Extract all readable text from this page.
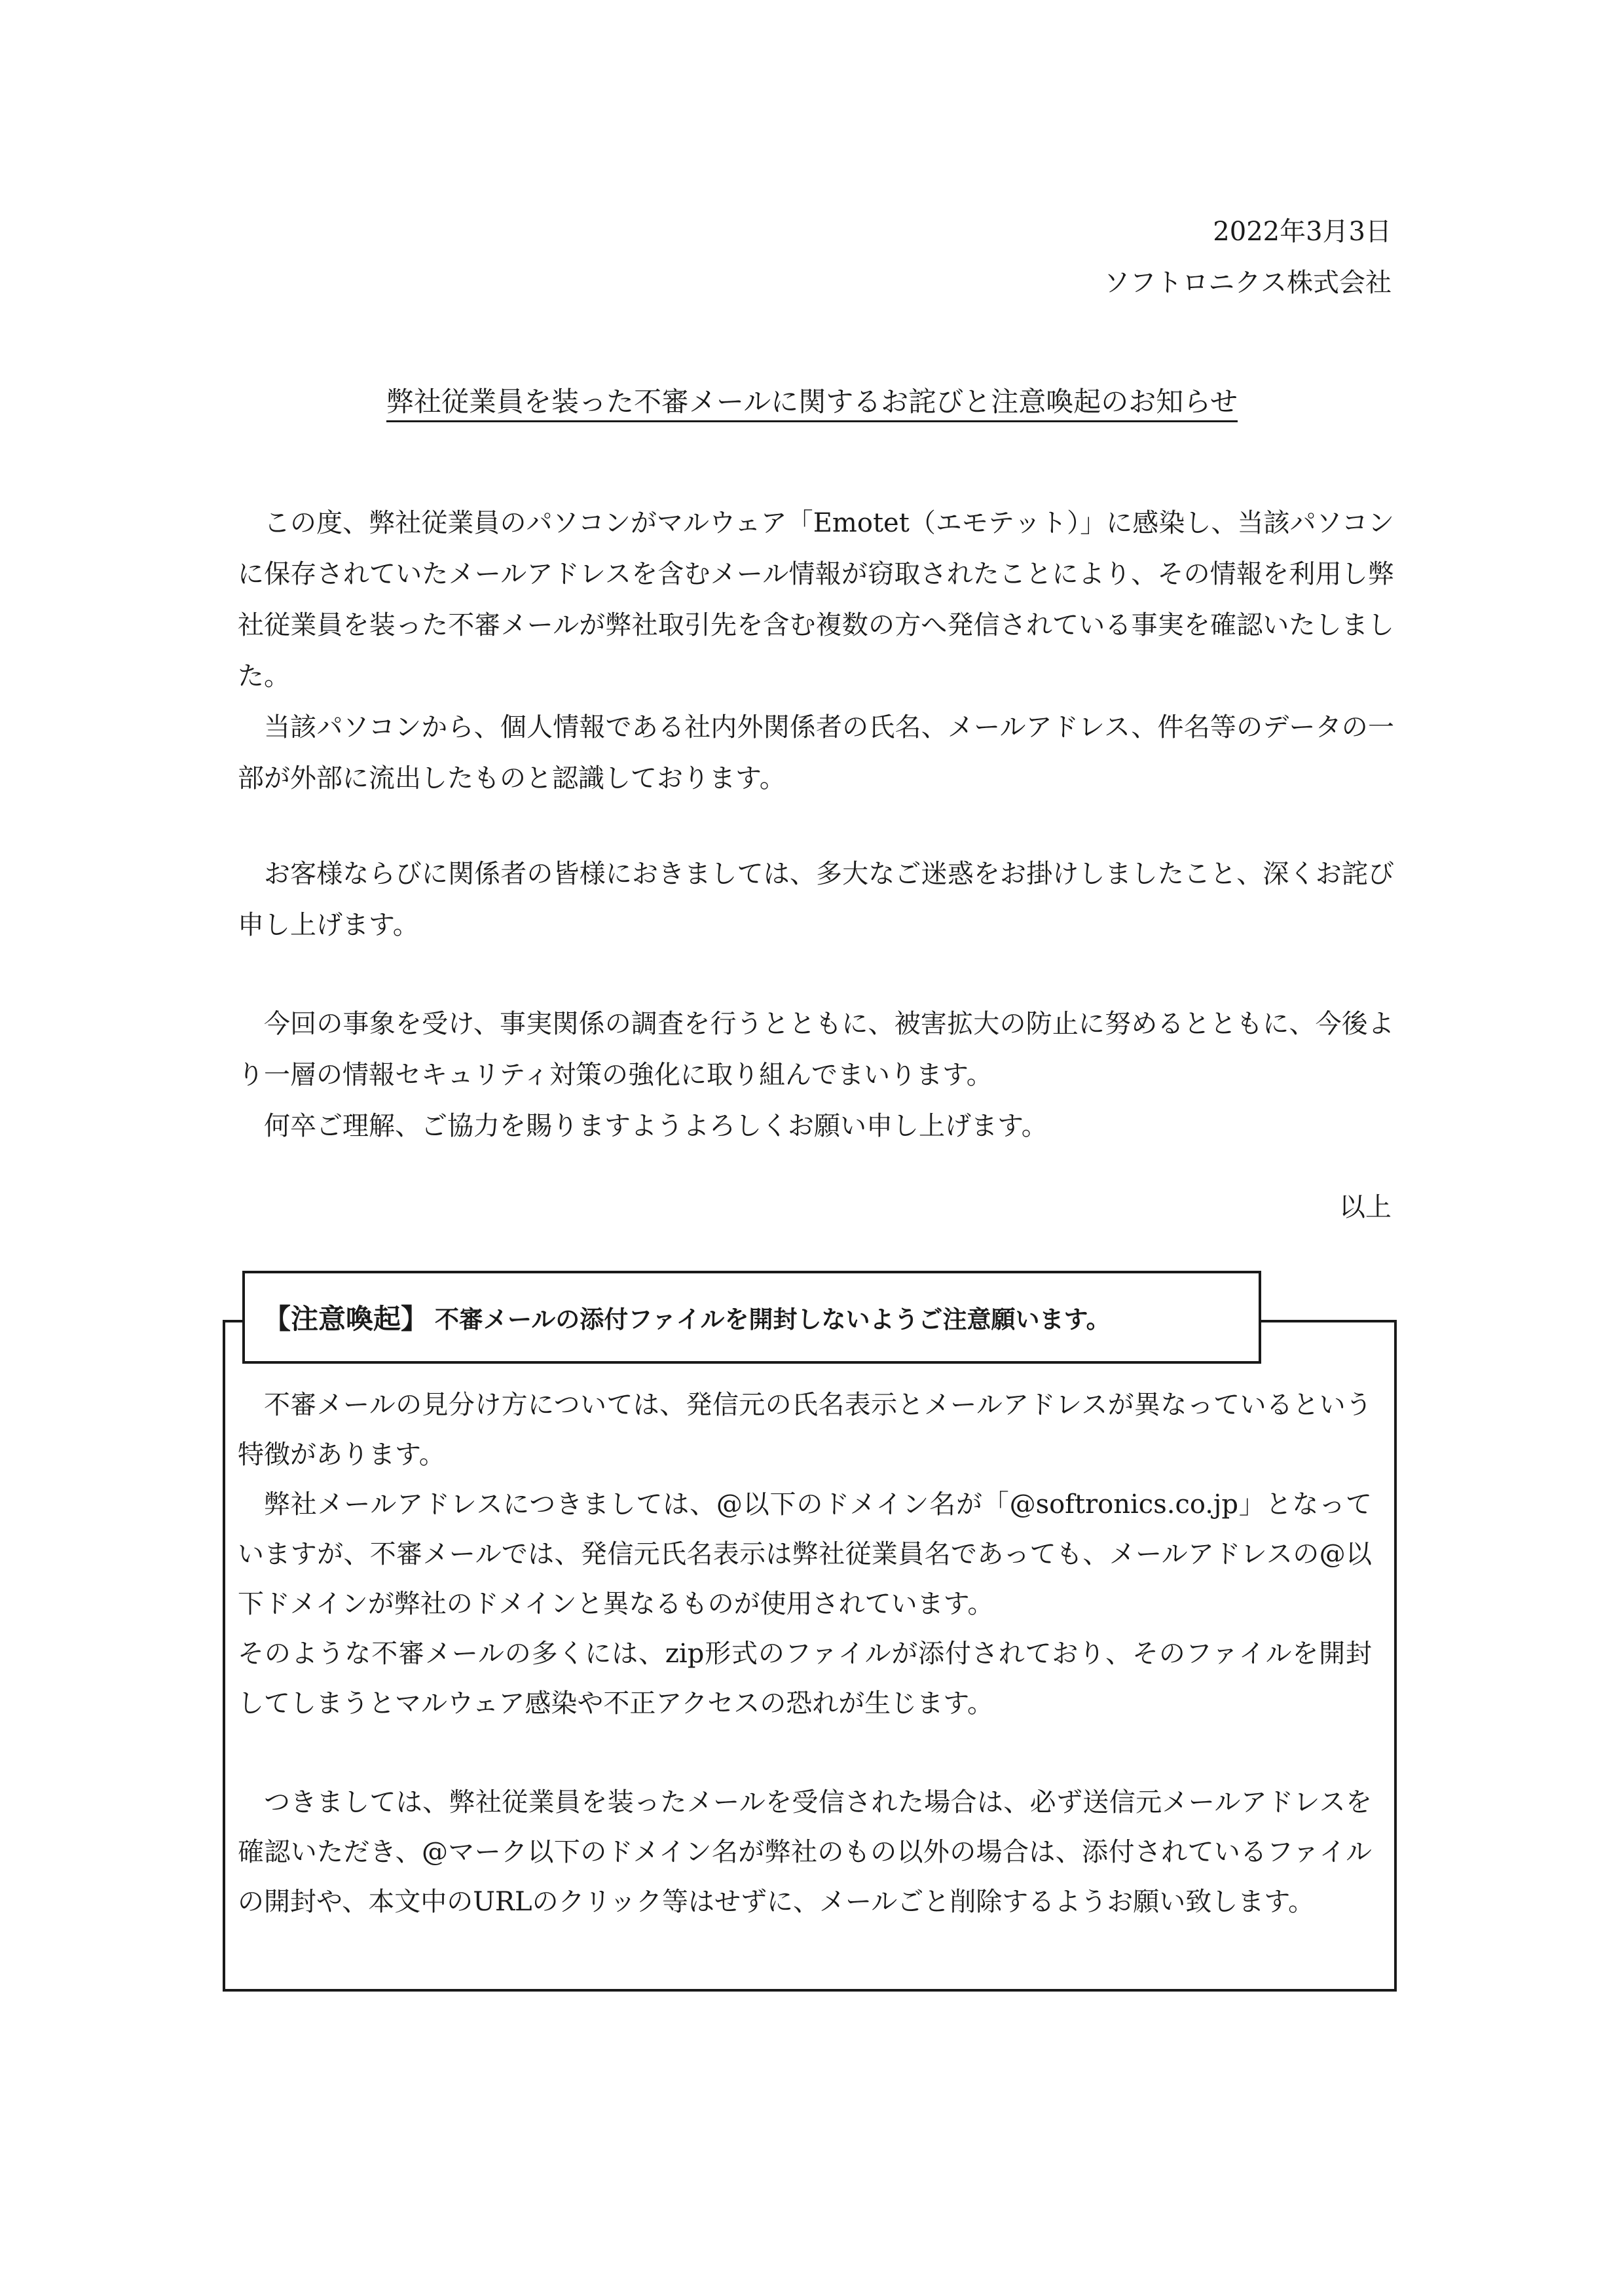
2022年3月3日
ソフトロニクス株式会社
弊社従業員を装った不審メールに関するお詫びと注意喚起のお知らせ

この度、弊社従業員のパソコンがマルウェア「Emotet（エモテット）」に感染し、当該パソコンに保存されていたメールアドレスを含むメール情報が窃取されたことにより、その情報を利用し弊社従業員を装った不審メールが弊社取引先を含む複数の方へ発信されている事実を確認いたしました。

当該パソコンから、個人情報である社内外関係者の氏名、メールアドレス、件名等のデータの一部が外部に流出したものと認識しております。

お客様ならびに関係者の皆様におきましては、多大なご迷惑をお掛けしましたこと、深くお詫び申し上げます。

今回の事象を受け、事実関係の調査を行うとともに、被害拡大の防止に努めるとともに、今後より一層の情報セキュリティ対策の強化に取り組んでまいります。

何卒ご理解、ご協力を賜りますようよろしくお願い申し上げます。

以上
【注意喚起】 不審メールの添付ファイルを開封しないようご注意願います。

不審メールの見分け方については、発信元の氏名表示とメールアドレスが異なっているという特徴があります。

弊社メールアドレスにつきましては、@以下のドメイン名が「@softronics.co.jp」となっていますが、不審メールでは、発信元氏名表示は弊社従業員名であっても、メールアドレスの@以下ドメインが弊社のドメインと異なるものが使用されています。

そのような不審メールの多くには、zip形式のファイルが添付されており、そのファイルを開封してしまうとマルウェア感染や不正アクセスの恐れが生じます。

つきましては、弊社従業員を装ったメールを受信された場合は、必ず送信元メールアドレスを確認いただき、@マーク以下のドメイン名が弊社のもの以外の場合は、添付されているファイルの開封や、本文中のURLのクリック等はせずに、メールごと削除するようお願い致します。
